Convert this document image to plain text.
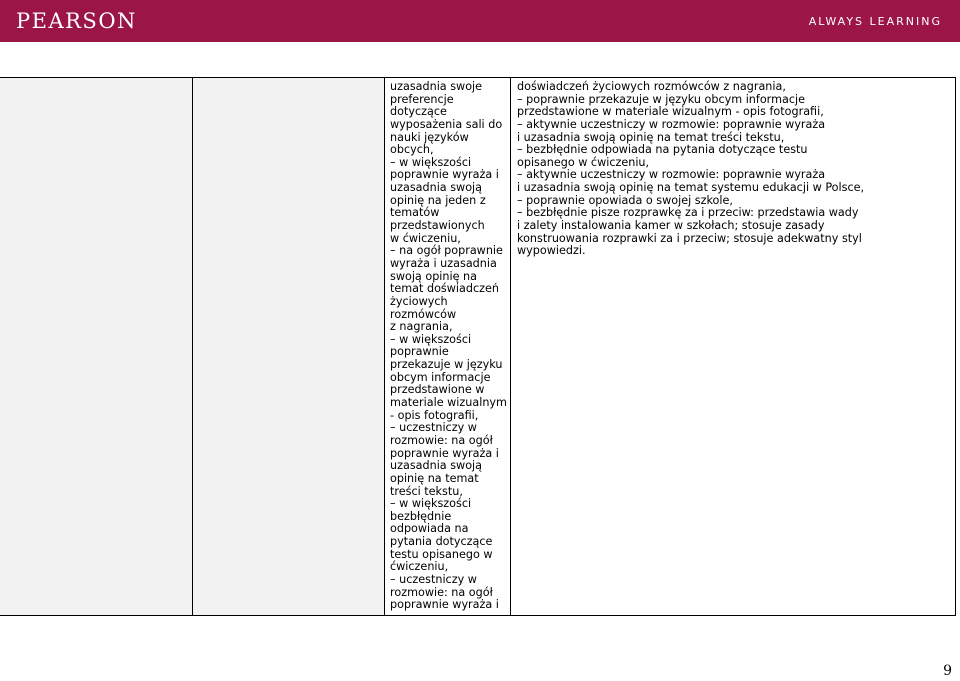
PEARSON	ALWAYS LEARNING
uzasadnia swoje
preferencje
dotyczące
wyposażenia sali do
nauki języków
obcych,
– w większości
poprawnie wyraża i
uzasadnia swoją
opinię na jeden z
tematów
przedstawionych
w ćwiczeniu,
– na ogół poprawnie
wyraża i uzasadnia
swoją opinię na
temat doświadczeń
życiowych
rozmówców
z nagrania,
– w większości
poprawnie
przekazuje w języku
obcym informacje
przedstawione w
materiale wizualnym
- opis fotografii,
– uczestniczy w
rozmowie: na ogół
poprawnie wyraża i
uzasadnia swoją
opinię na temat
treści tekstu,
– w większości
bezbłędnie
odpowiada na
pytania dotyczące
testu opisanego w
ćwiczeniu,
– uczestniczy w
rozmowie: na ogół
poprawnie wyraża i
doświadczeń życiowych rozmówców z nagrania,
– poprawnie przekazuje w języku obcym informacje
przedstawione w materiale wizualnym - opis fotografii,
– aktywnie uczestniczy w rozmowie: poprawnie wyraża
i uzasadnia swoją opinię na temat treści tekstu,
– bezbłędnie odpowiada na pytania dotyczące testu
opisanego w ćwiczeniu,
– aktywnie uczestniczy w rozmowie: poprawnie wyraża
i uzasadnia swoją opinię na temat systemu edukacji w Polsce,
– poprawnie opowiada o swojej szkole,
– bezbłędnie pisze rozprawkę za i przeciw: przedstawia wady
i zalety instalowania kamer w szkołach; stosuje zasady
konstruowania rozprawki za i przeciw; stosuje adekwatny styl
wypowiedzi.
9
